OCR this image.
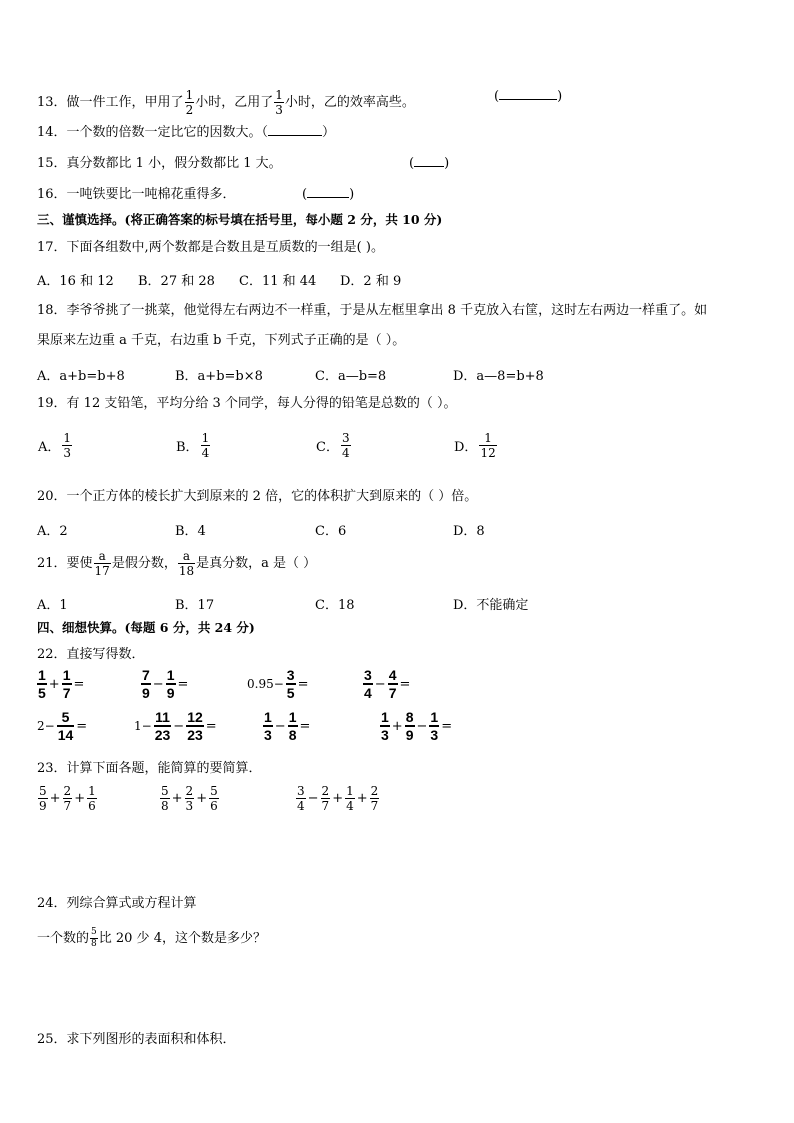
13．做一件工作，甲用了 $\frac{1}{2}$ 小时，乙用了 $\frac{1}{3}$ 小时，乙的效率高些。	(	)
14．一个数的倍数一定比它的因数大。（	）
15．真分数都比 1 小，假分数都比 1 大。	( )
16．一吨铁要比一吨棉花重得多．	(	)
三、谨慎选择。(将正确答案的标号填在括号里，每小题 2 分，共 10 分)
17．下面各组数中,两个数都是合数且是互质数的一组是( )。
A．16 和 12 B．27 和 28 C．11 和 44 D．2 和 9
18．李爷爷挑了一挑菜，他觉得左右两边不一样重，于是从左框里拿出 8 千克放入右筐，这时左右两边一样重了。如
果原来左边重 a 千克，右边重 b 千克，下列式子正确的是（ ）。
A．a+b=b+8	B．a+b=b×8	C．a—b=8	D．a—8=b+8
19．有 12 支铅笔，平均分给 3 个同学，每人分得的铅笔是总数的（ ）。
A． $\frac{1}{3}$	B． $\frac{1}{4}$	C． $\frac{3}{4}$	D． $\frac{1}{12}$
20．一个正方体的棱长扩大到原来的 2 倍，它的体积扩大到原来的（ ）倍。
A．2	B．4	C．6	D．8
21．要使 $\frac{a}{17}$ 是假分数， $\frac{a}{18}$ 是真分数，a 是（ ）
A．1	B．17	C．18	D．不能确定
四、细想快算。(每题 6 分，共 24 分)
22．直接写得数．
$\frac{1}{5} + \frac{1}{7}$ =	$\frac{7}{9} - \frac{1}{9}$ =	$0.95- \frac{3}{5}$ =	$\frac{3}{4} - \frac{4}{7}$ =
$2- \frac{5}{14}$ =	$1- \frac{11}{23} - \frac{12}{23}$ =	$\frac{1}{3} - \frac{1}{8}$ =	$\frac{1}{3} + \frac{8}{9} - \frac{1}{3}$ =
23．计算下面各题，能简算的要简算．
$\frac{5}{9} + \frac{2}{7} + \frac{1}{6}$	$\frac{5}{8} + \frac{2}{3} + \frac{5}{6}$	$\frac{3}{4} - \frac{2}{7} + \frac{1}{4} + \frac{2}{7}$
24．列综合算式或方程计算
一个数的 $\frac{5}{8}$ 比 20 少 4，这个数是多少？
25．求下列图形的表面积和体积．
